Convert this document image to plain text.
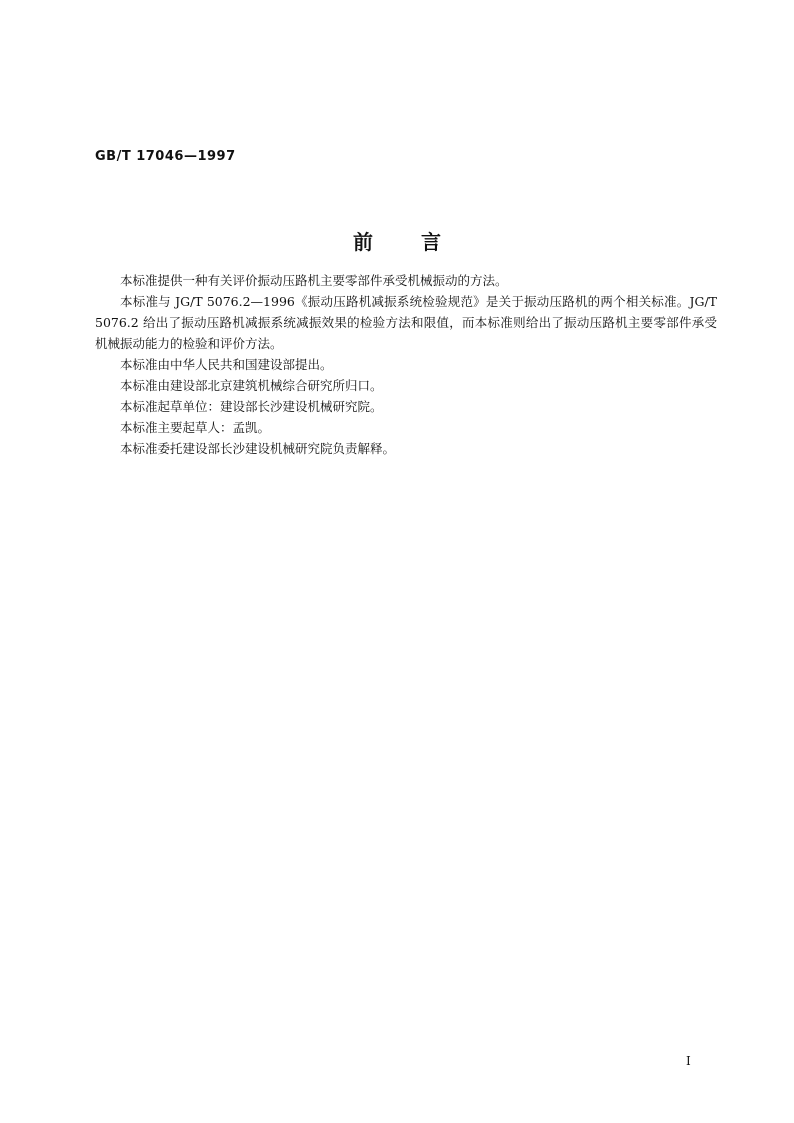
GB/T 17046—1997
前言

本标准提供一种有关评价振动压路机主要零部件承受机械振动的方法。

本标准与 JG/T 5076.2—1996《振动压路机减振系统检验规范》是关于振动压路机的两个相关标准。JG/T 5076.2 给出了振动压路机减振系统减振效果的检验方法和限值，而本标准则给出了振动压路机主要零部件承受机械振动能力的检验和评价方法。

本标准由中华人民共和国建设部提出。

本标准由建设部北京建筑机械综合研究所归口。

本标准起草单位：建设部长沙建设机械研究院。

本标准主要起草人：孟凯。

本标准委托建设部长沙建设机械研究院负责解释。

I
